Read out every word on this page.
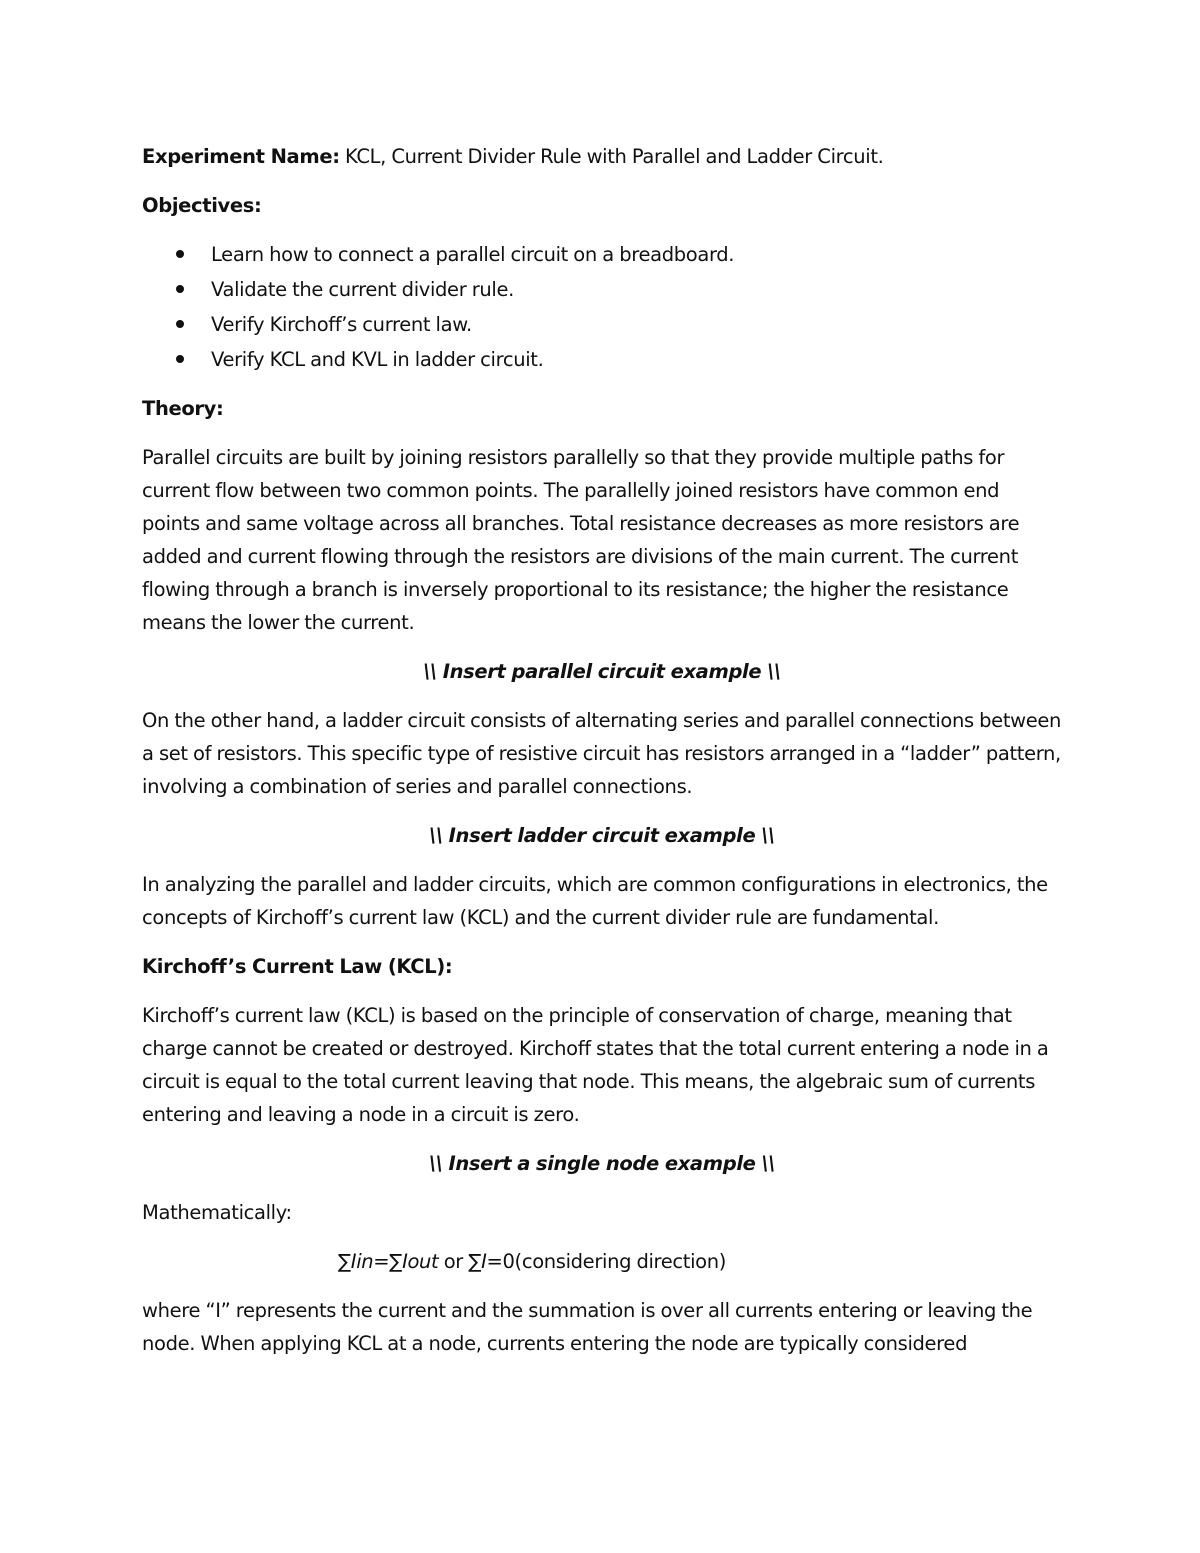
Experiment Name: KCL, Current Divider Rule with Parallel and Ladder Circuit.

Objectives:

Learn how to connect a parallel circuit on a breadboard.
Validate the current divider rule.
Verify Kirchoff’s current law.
Verify KCL and KVL in ladder circuit.

Theory:

Parallel circuits are built by joining resistors parallelly so that they provide multiple paths for current flow between two common points. The parallelly joined resistors have common end points and same voltage across all branches. Total resistance decreases as more resistors are added and current flowing through the resistors are divisions of the main current. The current flowing through a branch is inversely proportional to its resistance; the higher the resistance means the lower the current.

\\ Insert parallel circuit example \\

On the other hand, a ladder circuit consists of alternating series and parallel connections between a set of resistors. This specific type of resistive circuit has resistors arranged in a “ladder” pattern, involving a combination of series and parallel connections.

\\ Insert ladder circuit example \\

In analyzing the parallel and ladder circuits, which are common configurations in electronics, the concepts of Kirchoff’s current law (KCL) and the current divider rule are fundamental.

Kirchoff’s Current Law (KCL):

Kirchoff’s current law (KCL) is based on the principle of conservation of charge, meaning that charge cannot be created or destroyed. Kirchoff states that the total current entering a node in a circuit is equal to the total current leaving that node. This means, the algebraic sum of currents entering and leaving a node in a circuit is zero.

\\ Insert a single node example \\

Mathematically:

∑Iin=∑Iout or ∑I=0(considering direction)

where “I” represents the current and the summation is over all currents entering or leaving the node. When applying KCL at a node, currents entering the node are typically considered
